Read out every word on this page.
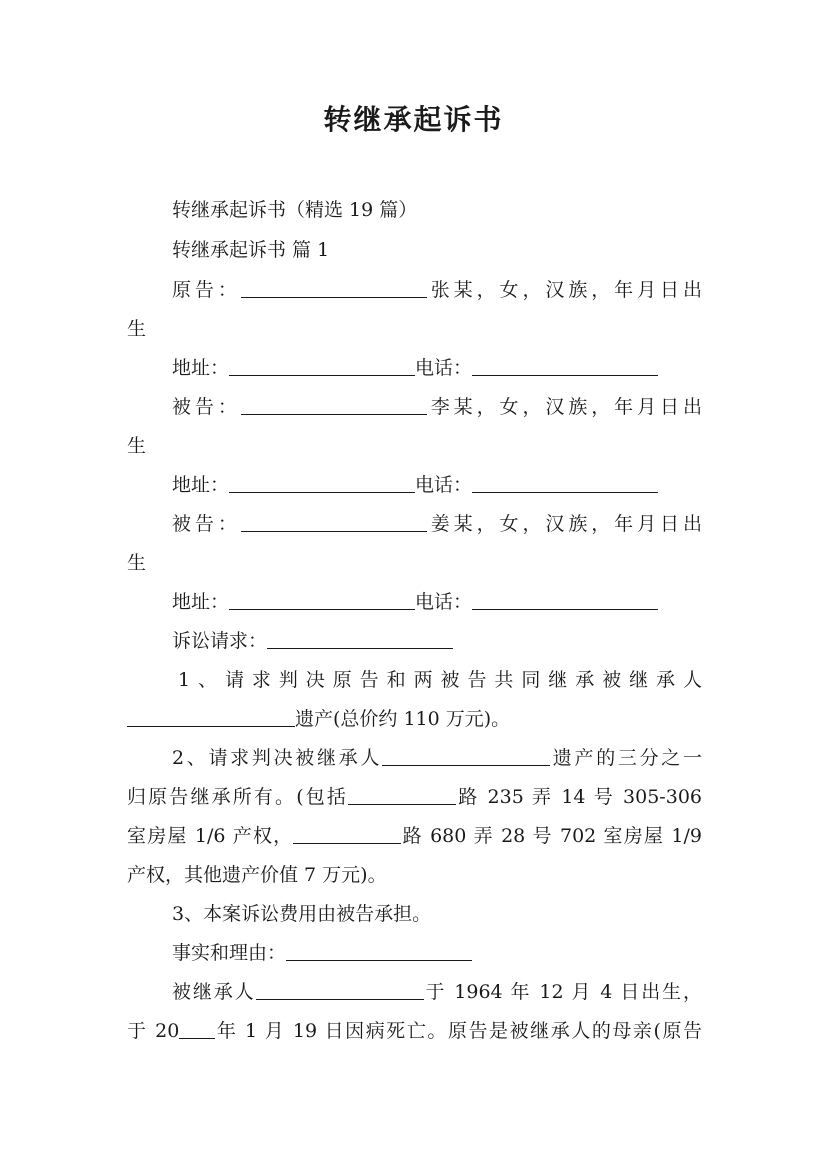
转继承起诉书
转继承起诉书（精选 19 篇）
转继承起诉书 篇 1
原告：	张某，女，汉族，年月日出
生
地址：	电话：
被告：	李某，女，汉族，年月日出
生
地址：	电话：
被告：	姜某，女，汉族，年月日出
生
地址：	电话：
诉讼请求：
1、请求判决原告和两被告共同继承被继承人
遗产(总价约 110 万元)。
2、请求判决被继承人	遗产的三分之一
归原告继承所有。(包括	路 235 弄 14 号 305-306
室房屋 1/6 产权，	路 680 弄 28 号 702 室房屋 1/9
产权，其他遗产价值 7 万元)。
3、本案诉讼费用由被告承担。
事实和理由：
被继承人	于 1964 年 12 月 4 日出生，
于 20 年 1 月 19 日因病死亡。原告是被继承人的母亲(原告
